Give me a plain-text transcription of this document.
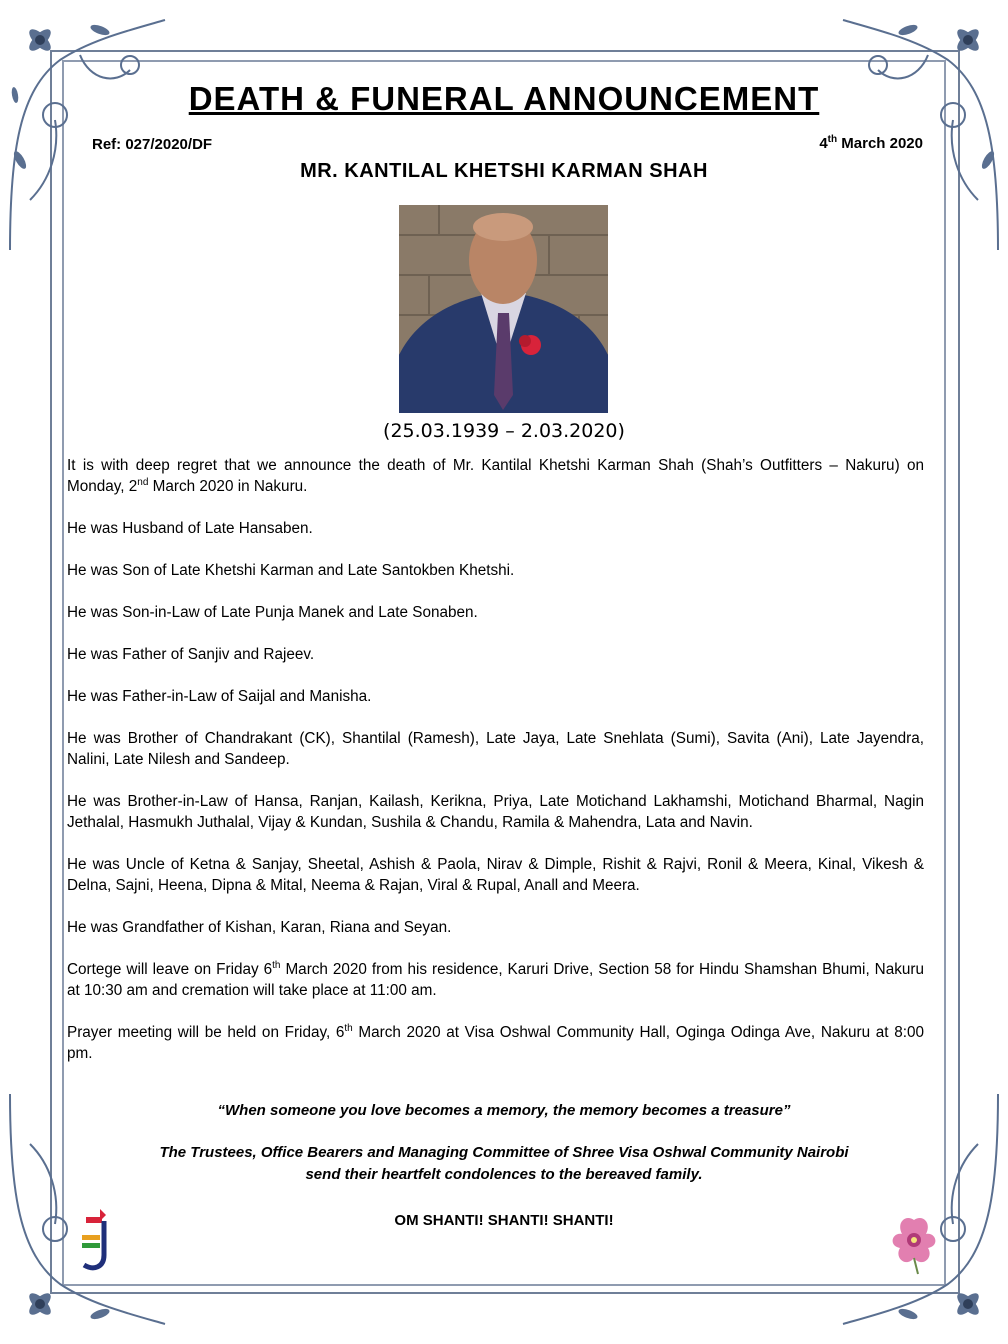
DEATH & FUNERAL ANNOUNCEMENT
Ref: 027/2020/DF	4th March 2020
MR. KANTILAL KHETSHI KARMAN SHAH
(25.03.1939 – 2.03.2020)

It is with deep regret that we announce the death of Mr. Kantilal Khetshi Karman Shah (Shah’s Outfitters – Nakuru) on Monday, 2nd March 2020 in Nakuru.

He was Husband of Late Hansaben.

He was Son of Late Khetshi Karman and Late Santokben Khetshi.

He was Son-in-Law of Late Punja Manek and Late Sonaben.

He was Father of Sanjiv and Rajeev.

He was Father-in-Law of Saijal and Manisha.

He was Brother of Chandrakant (CK), Shantilal (Ramesh), Late Jaya, Late Snehlata (Sumi), Savita (Ani), Late Jayendra, Nalini, Late Nilesh and Sandeep.

He was Brother-in-Law of Hansa, Ranjan, Kailash, Kerikna, Priya, Late Motichand Lakhamshi, Motichand Bharmal, Nagin Jethalal, Hasmukh Juthalal, Vijay & Kundan, Sushila & Chandu, Ramila & Mahendra, Lata and Navin.

He was Uncle of Ketna & Sanjay, Sheetal, Ashish & Paola, Nirav & Dimple, Rishit & Rajvi, Ronil & Meera, Kinal, Vikesh & Delna, Sajni, Heena, Dipna & Mital, Neema & Rajan, Viral & Rupal, Anall and Meera.

He was Grandfather of Kishan, Karan, Riana and Seyan.

Cortege will leave on Friday 6th March 2020 from his residence, Karuri Drive, Section 58 for Hindu Shamshan Bhumi, Nakuru at 10:30 am and cremation will take place at 11:00 am.

Prayer meeting will be held on Friday, 6th March 2020 at Visa Oshwal Community Hall, Oginga Odinga Ave, Nakuru at 8:00 pm.

“When someone you love becomes a memory, the memory becomes a treasure”
The Trustees, Office Bearers and Managing Committee of Shree Visa Oshwal Community Nairobi
send their heartfelt condolences to the bereaved family.
OM SHANTI! SHANTI! SHANTI!
